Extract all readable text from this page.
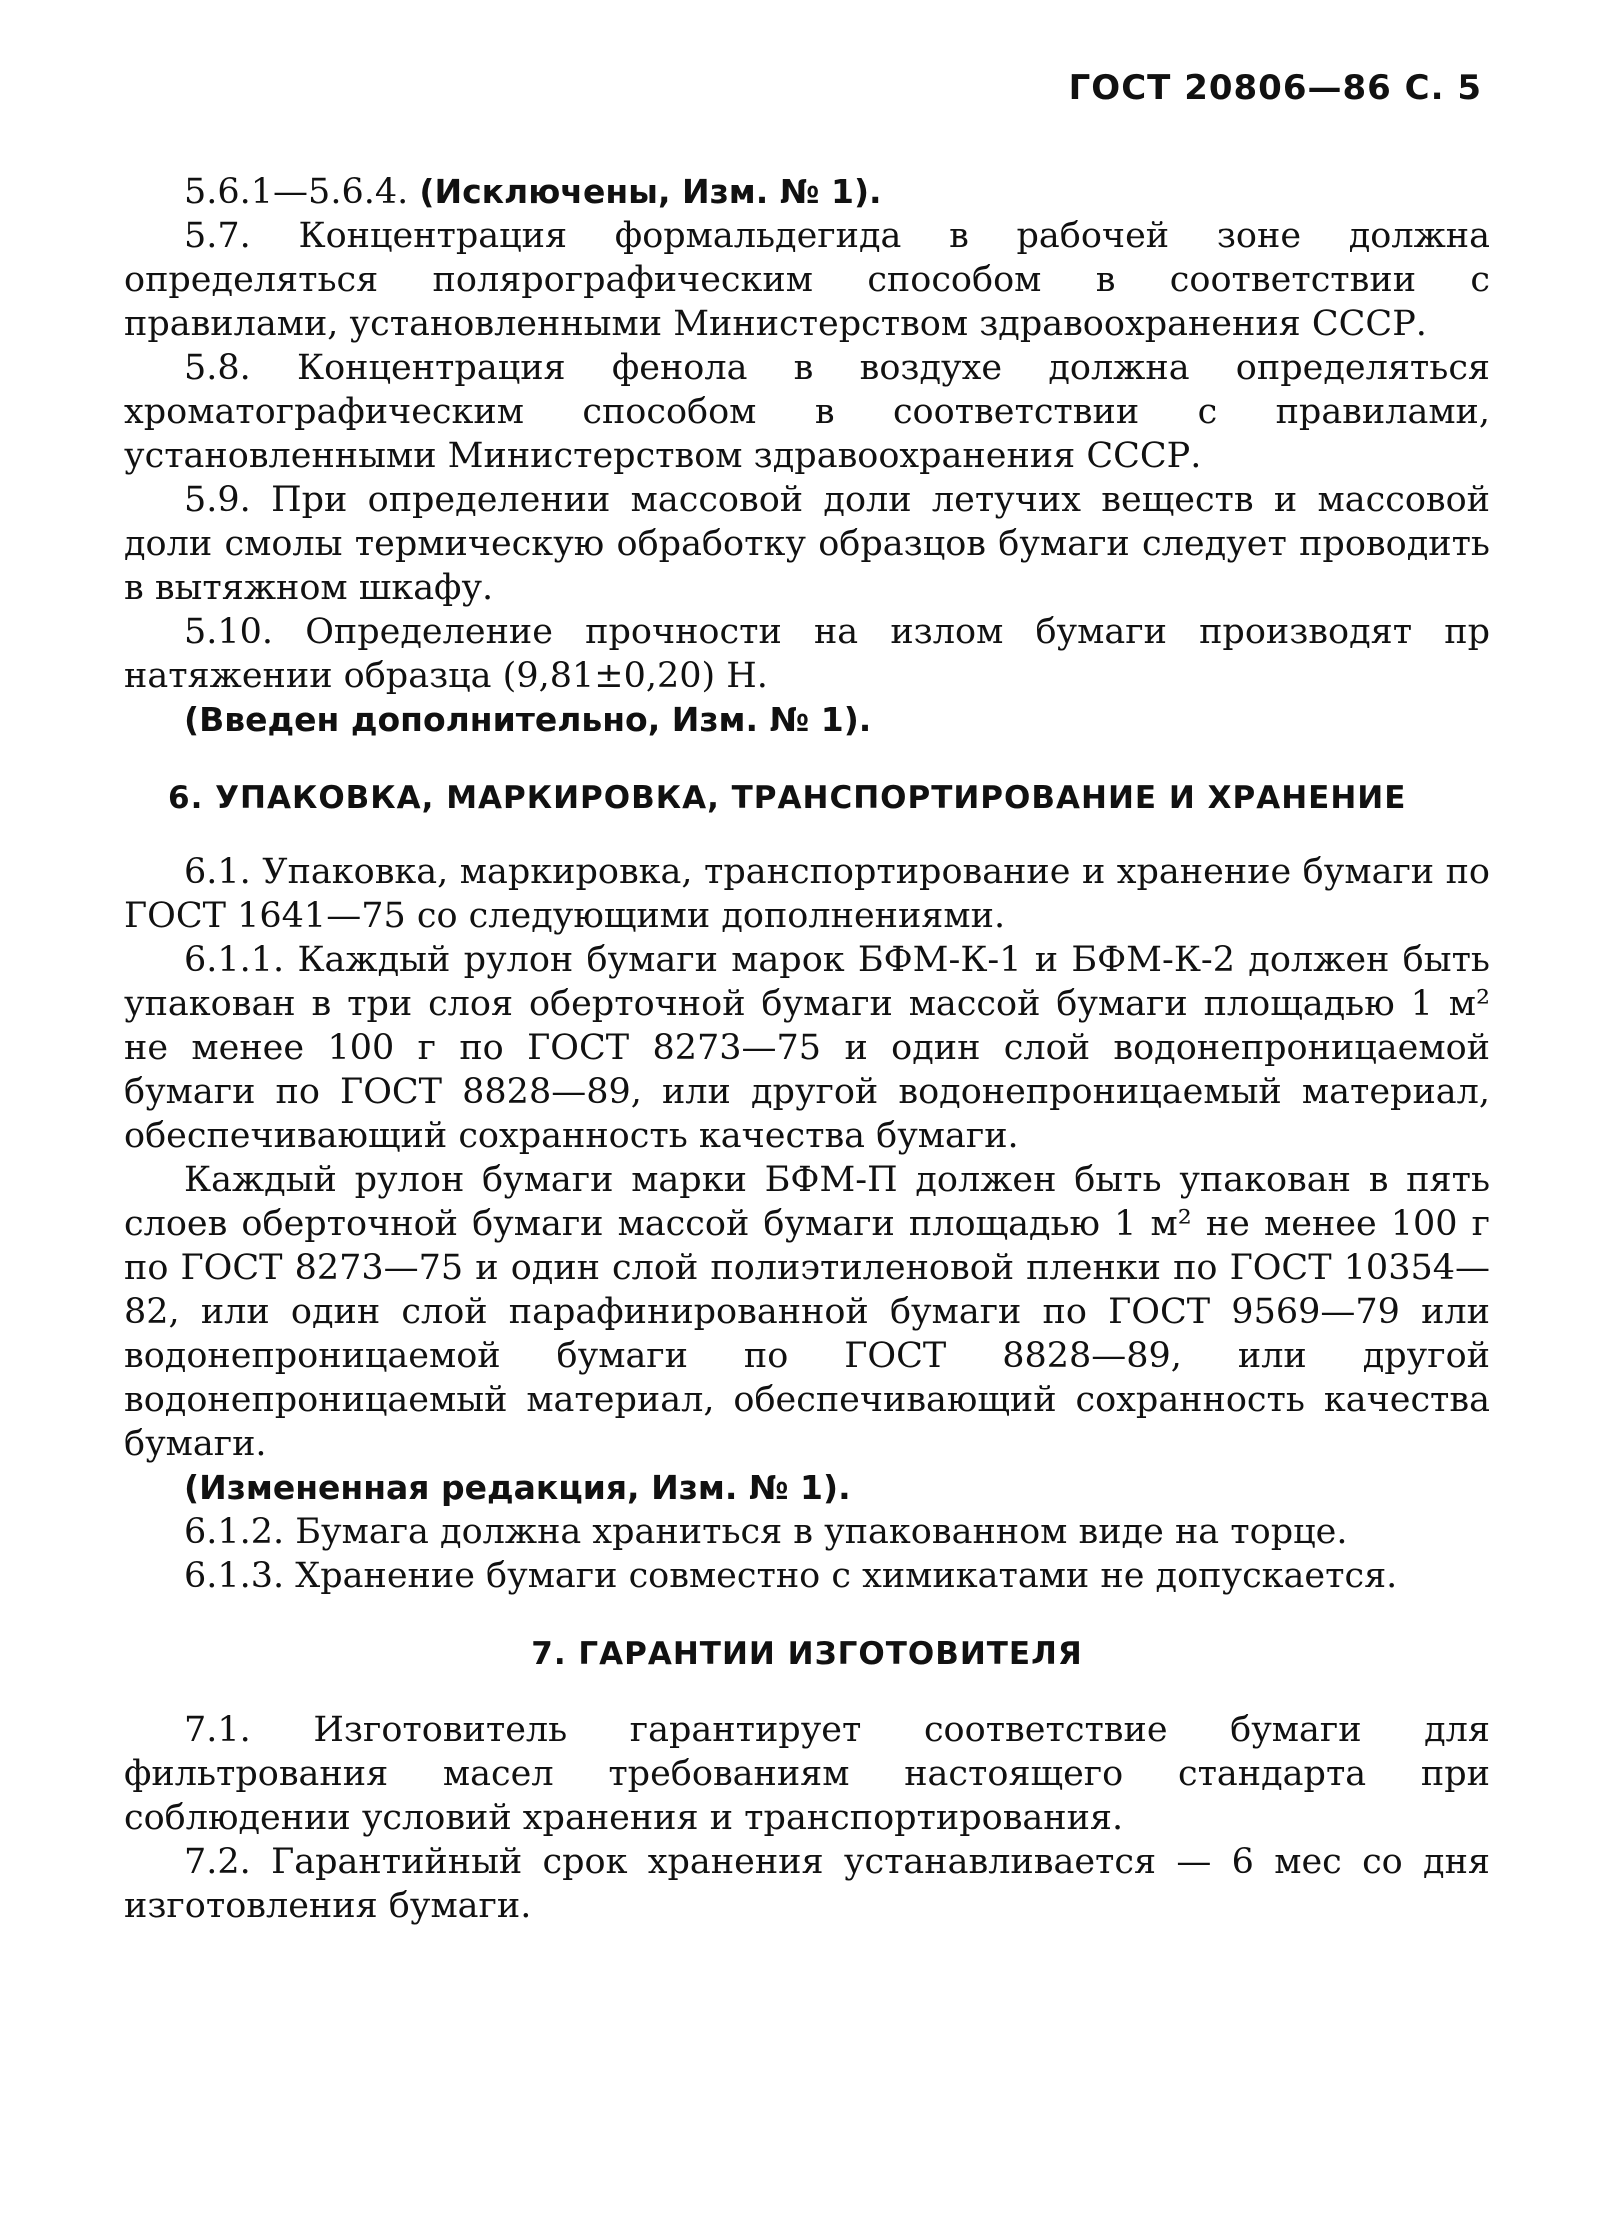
ГОСТ 20806—86 С. 5

5.6.1—5.6.4. (Исключены, Изм. № 1).

5.7. Концентрация формальдегида в рабочей зоне должна определяться полярографическим способом в соответствии с правилами, установленными Министерством здравоохранения СССР.

5.8. Концентрация фенола в воздухе должна определяться хроматографическим способом в соответствии с правилами, установленными Министерством здравоохранения СССР.

5.9. При определении массовой доли летучих веществ и массовой доли смолы термическую обработку образцов бумаги следует проводить в вытяжном шкафу.

5.10. Определение прочности на излом бумаги производят пр натяжении образца (9,81±0,20) Н.

(Введен дополнительно, Изм. № 1).

6. УПАКОВКА, МАРКИРОВКА, ТРАНСПОРТИРОВАНИЕ И ХРАНЕНИЕ

6.1. Упаковка, маркировка, транспортирование и хранение бумаги по ГОСТ 1641—75 со следующими дополнениями.

6.1.1. Каждый рулон бумаги марок БФМ-К-1 и БФМ-К-2 должен быть упакован в три слоя оберточной бумаги массой бумаги площадью 1 м² не менее 100 г по ГОСТ 8273—75 и один слой водонепроницаемой бумаги по ГОСТ 8828—89, или другой водонепроницаемый материал, обеспечивающий сохранность качества бумаги.

Каждый рулон бумаги марки БФМ-П должен быть упакован в пять слоев оберточной бумаги массой бумаги площадью 1 м² не менее 100 г по ГОСТ 8273—75 и один слой полиэтиленовой пленки по ГОСТ 10354—82, или один слой парафинированной бумаги по ГОСТ 9569—79 или водонепроницаемой бумаги по ГОСТ 8828—89, или другой водонепроницаемый материал, обеспечивающий сохранность качества бумаги.

(Измененная редакция, Изм. № 1).

6.1.2. Бумага должна храниться в упакованном виде на торце.

6.1.3. Хранение бумаги совместно с химикатами не допускается.

7. ГАРАНТИИ ИЗГОТОВИТЕЛЯ

7.1. Изготовитель гарантирует соответствие бумаги для фильтрования масел требованиям настоящего стандарта при соблюдении условий хранения и транспортирования.

7.2. Гарантийный срок хранения устанавливается — 6 мес со дня изготовления бумаги.
